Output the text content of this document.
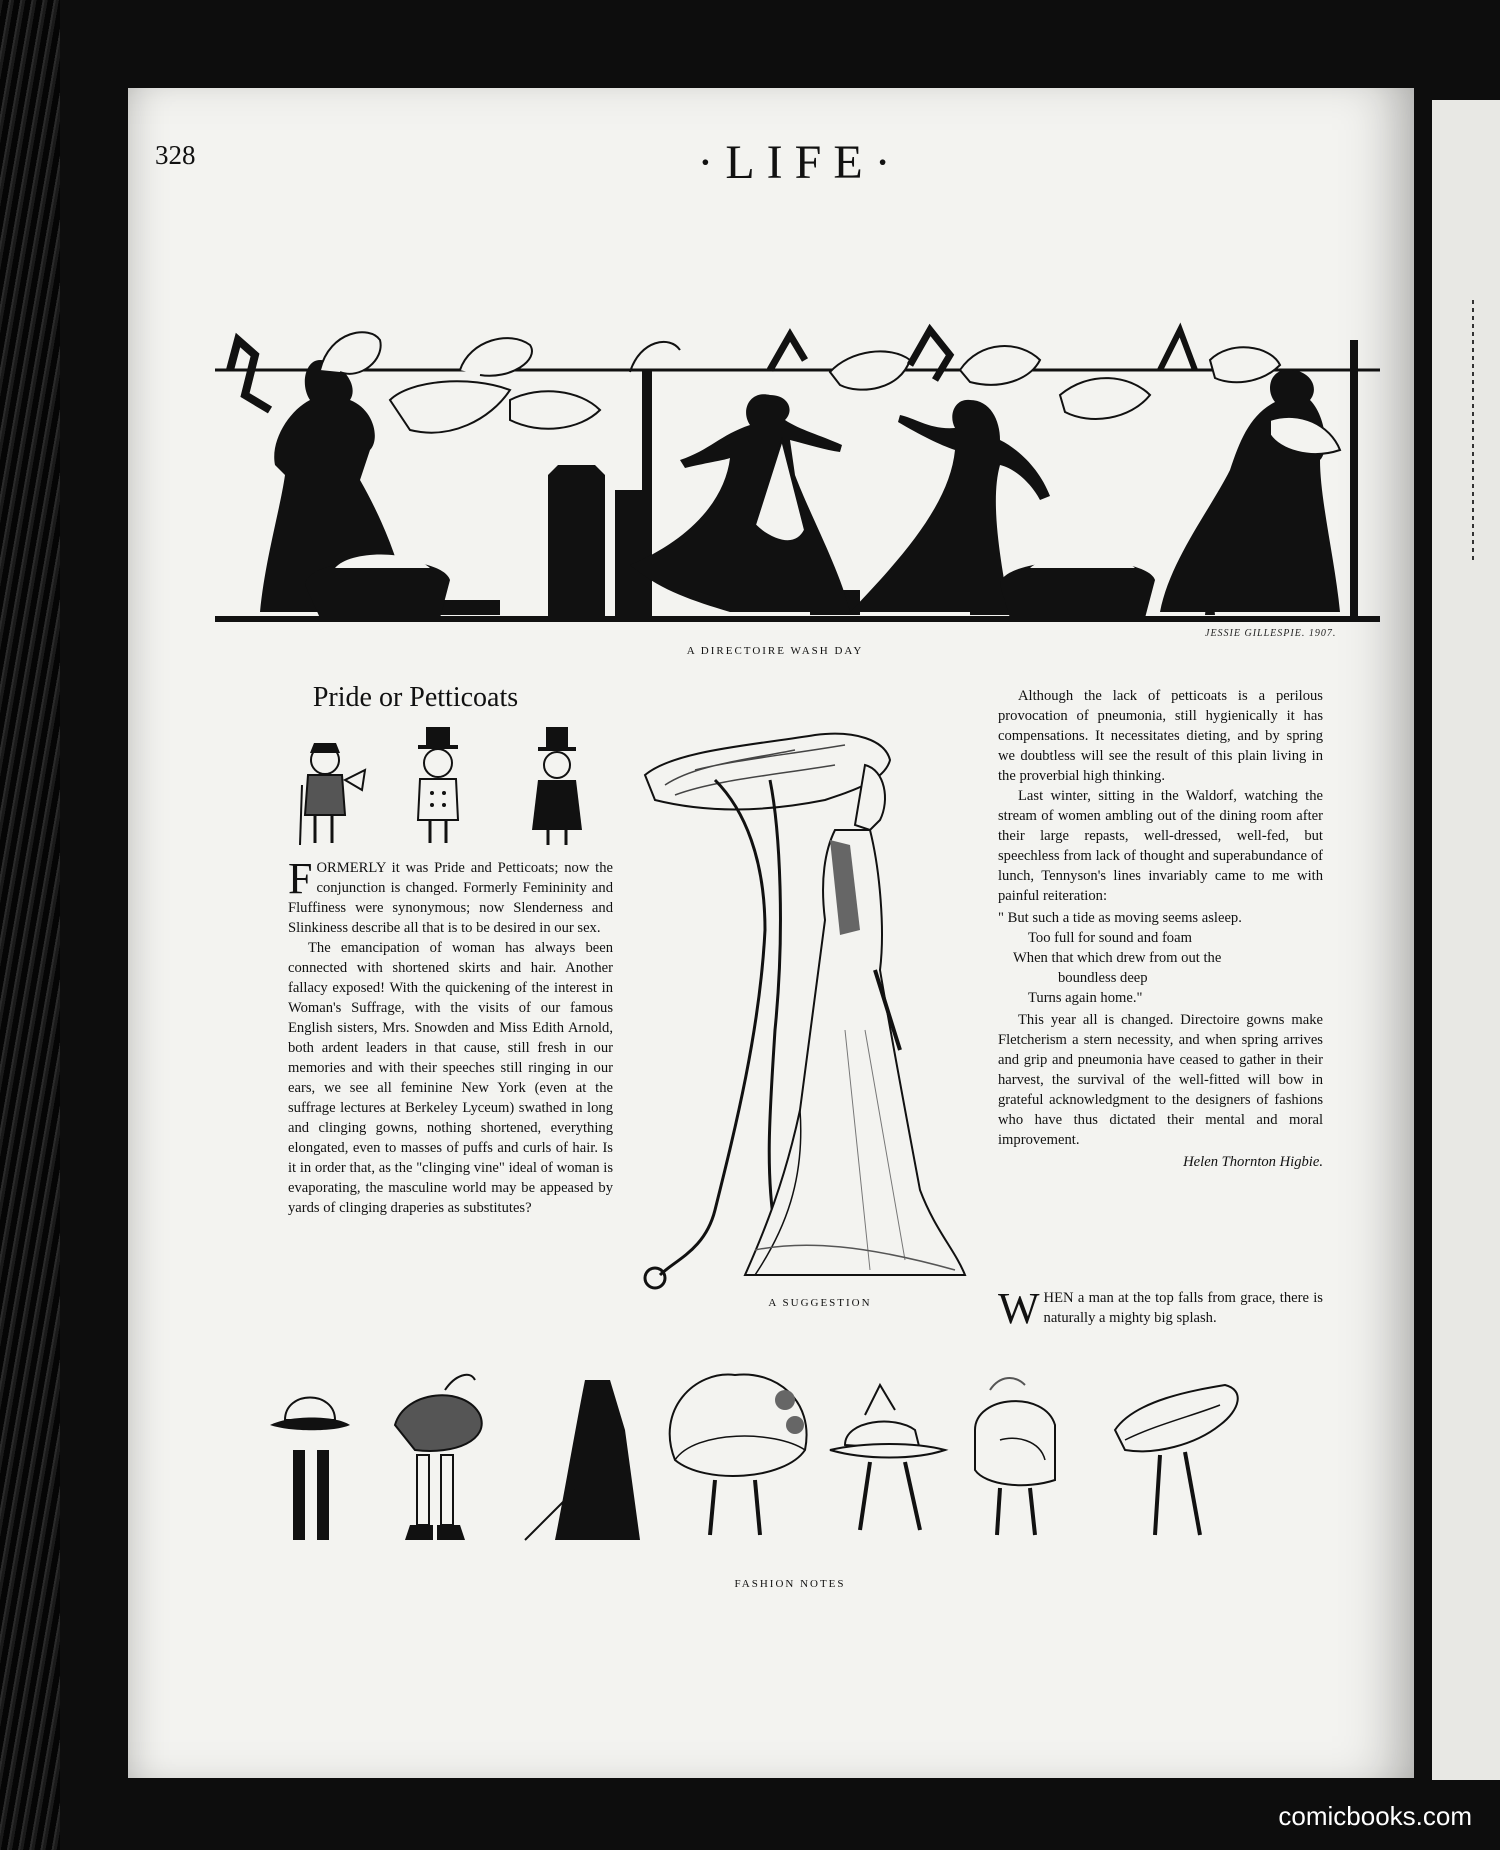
328	·LIFE·
A DIRECTOIRE WASH DAY
JESSIE GILLESPIE. 1907.
Pride or Petticoats

FORMERLY it was Pride and Petticoats; now the conjunction is changed. Formerly Femininity and Fluffiness were synonymous; now Slenderness and Slinkiness describe all that is to be desired in our sex.

The emancipation of woman has always been connected with shortened skirts and hair. Another fallacy exposed! With the quickening of the interest in Woman's Suffrage, with the visits of our famous English sisters, Mrs. Snowden and Miss Edith Arnold, both ardent leaders in that cause, still fresh in our memories and with their speeches still ringing in our ears, we see all feminine New York (even at the suffrage lectures at Berkeley Lyceum) swathed in long and clinging gowns, nothing shortened, everything elongated, even to masses of puffs and curls of hair. Is it in order that, as the "clinging vine" ideal of woman is evaporating, the masculine world may be appeased by yards of clinging draperies as substitutes?

A SUGGESTION

Although the lack of petticoats is a perilous provocation of pneumonia, still hygienically it has compensations. It necessitates dieting, and by spring we doubtless will see the result of this plain living in the proverbial high thinking.

Last winter, sitting in the Waldorf, watching the stream of women ambling out of the dining room after their large repasts, well-dressed, well-fed, but speechless from lack of thought and superabundance of lunch, Tennyson's lines invariably came to me with painful reiteration:

" But such a tide as moving seems asleep.
Too full for sound and foam
When that which drew from out the
boundless deep
Turns again home."

This year all is changed. Directoire gowns make Fletcherism a stern necessity, and when spring arrives and grip and pneumonia have ceased to gather in their harvest, the survival of the well-fitted will bow in grateful acknowledgment to the designers of fashions who have thus dictated their mental and moral improvement.

Helen Thornton Higbie.

WHEN a man at the top falls from grace, there is naturally a mighty big splash.

FASHION NOTES
comicbooks.com
